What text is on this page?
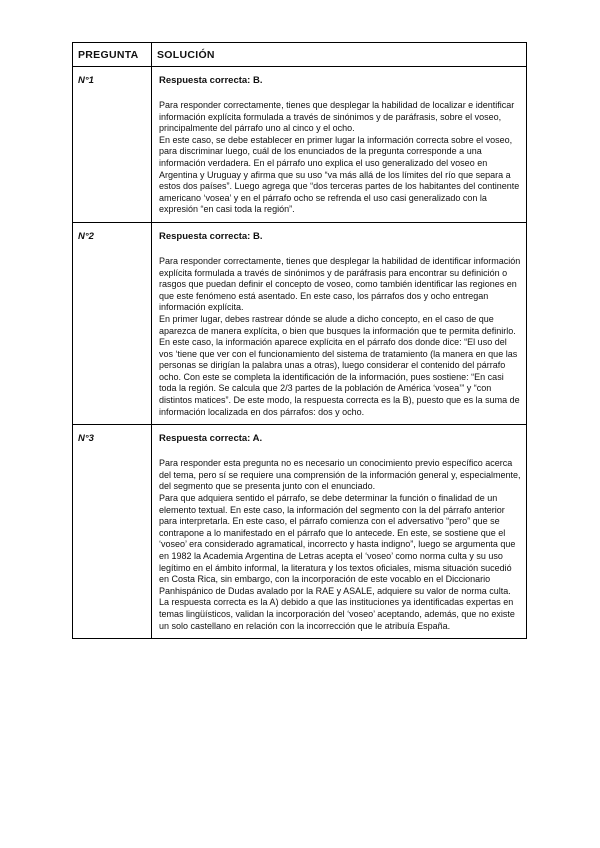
PREGUNTA	SOLUCIÓN
N°1	Respuesta correcta: B.

Para responder correctamente, tienes que desplegar la habilidad de localizar e identificar información explícita formulada a través de sinónimos y de paráfrasis, sobre el voseo, principalmente del párrafo uno al cinco y el ocho.

En este caso, se debe establecer en primer lugar la información correcta sobre el voseo, para discriminar luego, cuál de los enunciados de la pregunta corresponde a una información verdadera. En el párrafo uno explica el uso generalizado del voseo en Argentina y Uruguay y afirma que su uso “va más allá de los límites del río que separa a estos dos países”. Luego agrega que “dos terceras partes de los habitantes del continente americano ‘vosea’ y en el párrafo ocho se refrenda el uso casi generalizado con la expresión “en casi toda la región”.

N°2	Respuesta correcta: B.

Para responder correctamente, tienes que desplegar la habilidad de identificar información explícita formulada a través de sinónimos y de paráfrasis para encontrar su definición o rasgos que puedan definir el concepto de voseo, como también identificar las regiones en que este fenómeno está asentado. En este caso, los párrafos dos y ocho entregan información explícita.

En primer lugar, debes rastrear dónde se alude a dicho concepto, en el caso de que aparezca de manera explícita, o bien que busques la información que te permita definirlo. En este caso, la información aparece explícita en el párrafo dos donde dice: “El uso del vos ‘tiene que ver con el funcionamiento del sistema de tratamiento (la manera en que las personas se dirigían la palabra unas a otras), luego considerar el contenido del párrafo ocho. Con este se completa la identificación de la información, pues sostiene: “En casi toda la región. Se calcula que 2/3 partes de la población de América ‘vosea’” y “con distintos matices”. De este modo, la respuesta correcta es la B), puesto que es la suma de información localizada en dos párrafos: dos y ocho.

N°3	Respuesta correcta: A.

Para responder esta pregunta no es necesario un conocimiento previo específico acerca del tema, pero sí se requiere una comprensión de la información general y, especialmente, del segmento que se presenta junto con el enunciado.

Para que adquiera sentido el párrafo, se debe determinar la función o finalidad de un elemento textual. En este caso, la información del segmento con la del párrafo anterior para interpretarla. En este caso, el párrafo comienza con el adversativo “pero” que se contrapone a lo manifestado en el párrafo que lo antecede. En este, se sostiene que el ‘voseo’ era considerado agramatical, incorrecto y hasta indigno”, luego se argumenta que en 1982 la Academia Argentina de Letras acepta el ‘voseo’ como norma culta y su uso legítimo en el ámbito informal, la literatura y los textos oficiales, misma situación sucedió en Costa Rica, sin embargo, con la incorporación de este vocablo en el Diccionario Panhispánico de Dudas avalado por la RAE y ASALE, adquiere su valor de norma culta.

La respuesta correcta es la A) debido a que las instituciones ya identificadas expertas en temas lingüísticos, validan la incorporación del ‘voseo’ aceptando, además, que no existe un solo castellano en relación con la incorrección que le atribuía España.
